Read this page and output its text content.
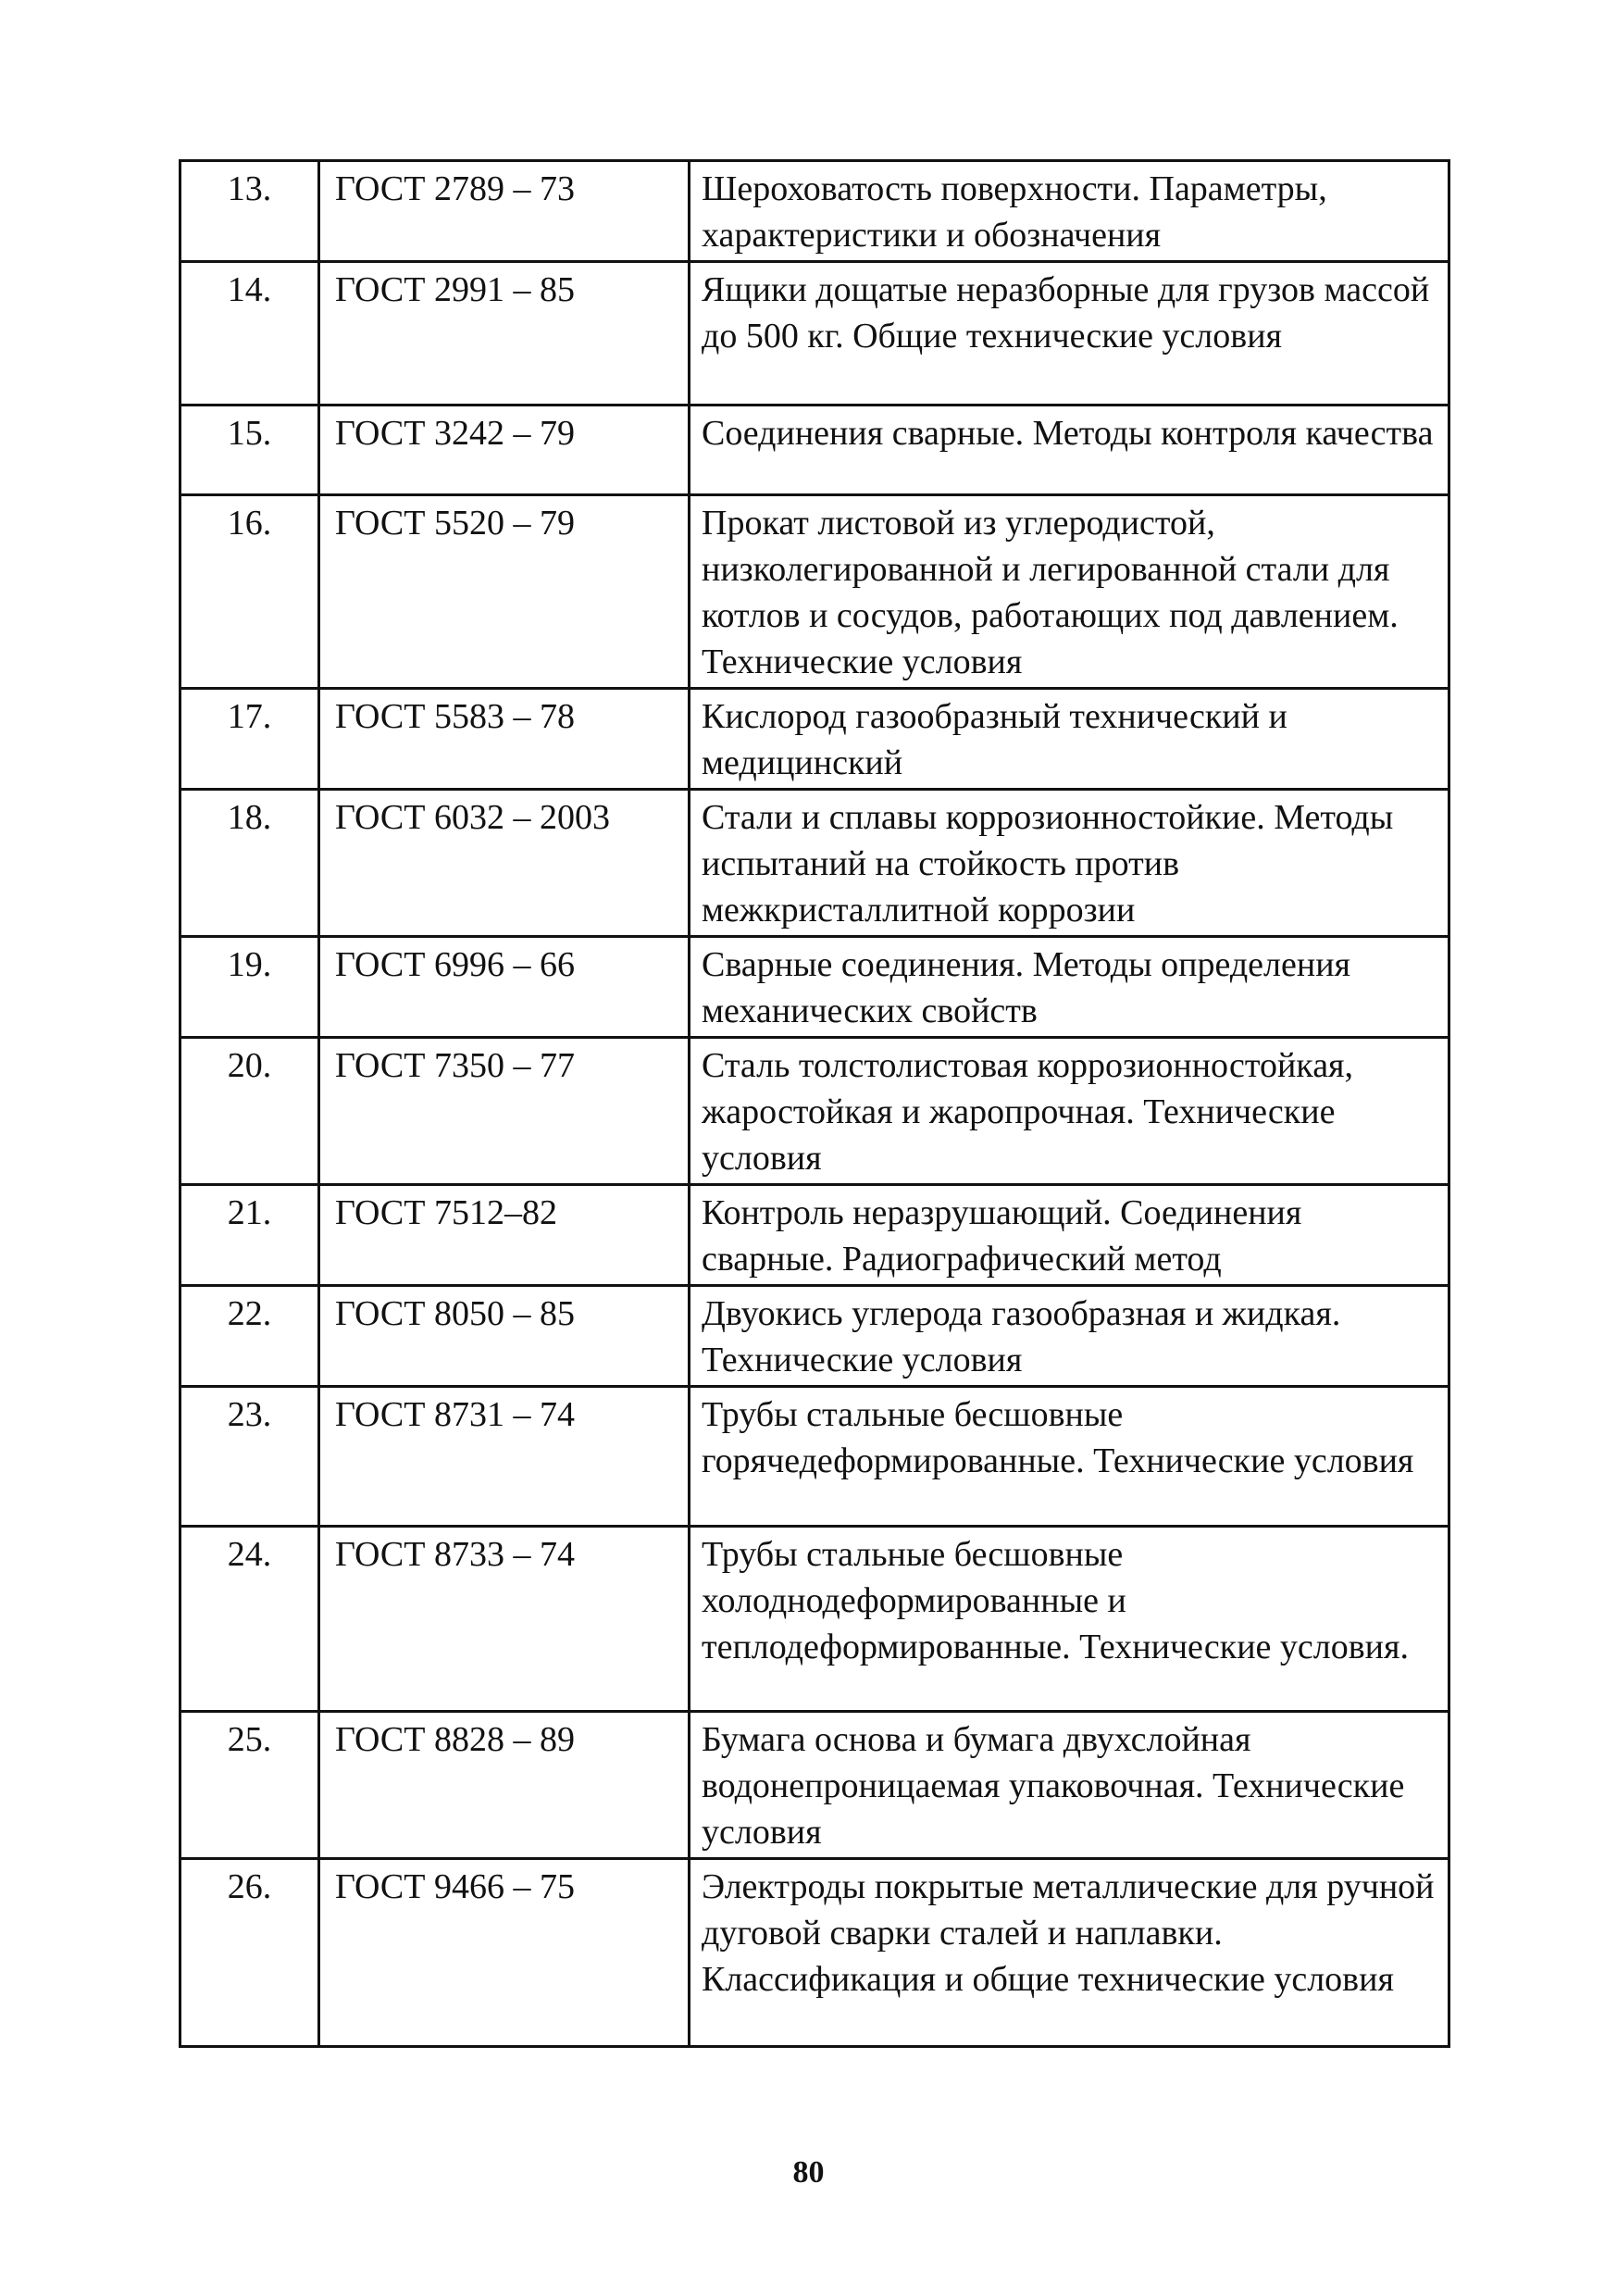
13.	ГОСТ 2789 – 73	Шероховатость поверхности. Параметры, характеристики и обозначения
14.	ГОСТ 2991 – 85	Ящики дощатые неразборные для грузов массой до 500 кг. Общие технические условия
15.	ГОСТ 3242 – 79	Соединения сварные. Методы контроля качества
16.	ГОСТ 5520 – 79	Прокат листовой из углеродистой, низколегированной и легированной стали для котлов и сосудов, работающих под давлением. Технические условия
17.	ГОСТ 5583 – 78	Кислород газообразный технический и медицинский
18.	ГОСТ 6032 – 2003	Стали и сплавы коррозионностойкие. Методы испытаний на стойкость против межкристаллитной коррозии
19.	ГОСТ 6996 – 66	Сварные соединения. Методы определения механических свойств
20.	ГОСТ 7350 – 77	Сталь толстолистовая коррозионностойкая, жаростойкая и жаропрочная. Технические условия
21.	ГОСТ 7512–82	Контроль неразрушающий. Соединения сварные. Радиографический метод
22.	ГОСТ 8050 – 85	Двуокись углерода газообразная и жидкая. Технические условия
23.	ГОСТ 8731 – 74	Трубы стальные бесшовные горячедеформированные. Технические условия
24.	ГОСТ 8733 – 74	Трубы стальные бесшовные холоднодеформированные и теплодеформированные. Технические условия.
25.	ГОСТ 8828 – 89	Бумага основа и бумага двухслойная водонепроницаемая упаковочная. Технические условия
26.	ГОСТ 9466 – 75	Электроды покрытые металлические для ручной дуговой сварки сталей и наплавки. Классификация и общие технические условия
80
